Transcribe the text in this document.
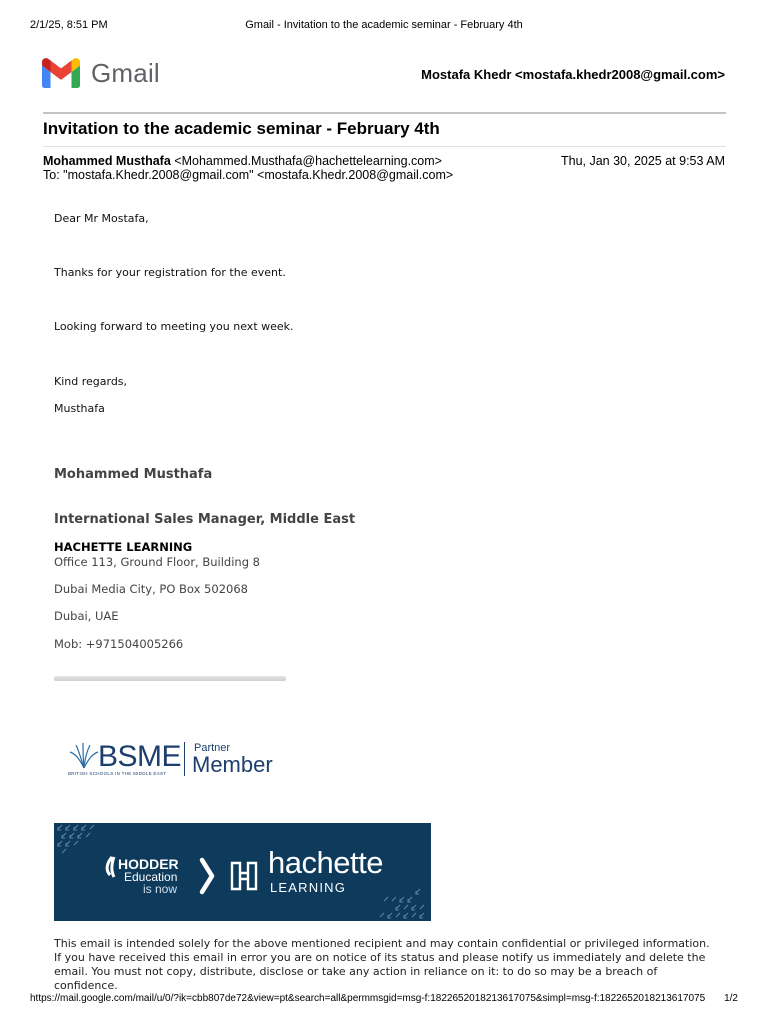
2/1/25, 8:51 PM	Gmail - Invitation to the academic seminar - February 4th
Gmail	Mostafa Khedr <mostafa.khedr2008@gmail.com>
Invitation to the academic seminar - February 4th
Mohammed Musthafa <Mohammed.Musthafa@hachettelearning.com>	Thu, Jan 30, 2025 at 9:53 AM
To: "mostafa.Khedr.2008@gmail.com" <mostafa.Khedr.2008@gmail.com>
Dear Mr Mostafa,
Thanks for your registration for the event.
Looking forward to meeting you next week.
Kind regards,
Musthafa
Mohammed Musthafa
International Sales Manager, Middle East
HACHETTE LEARNING
Office 113, Ground Floor, Building 8
Dubai Media City, PO Box 502068
Dubai, UAE
Mob: +971504005266
BSME
BRITISH SCHOOLS IN THE MIDDLE EAST
Partner
Member
HODDER
Education
is now
hachette
LEARNING
This email is intended solely for the above mentioned recipient and may contain confidential or privileged information. If you have received this email in error you are on notice of its status and please notify us immediately and delete the email. You must not copy, distribute, disclose or take any action in reliance on it: to do so may be a breach of confidence.
https://mail.google.com/mail/u/0/?ik=cbb807de72&view=pt&search=all&permmsgid=msg-f:1822652018213617075&simpl=msg-f:1822652018213617075 1/2
